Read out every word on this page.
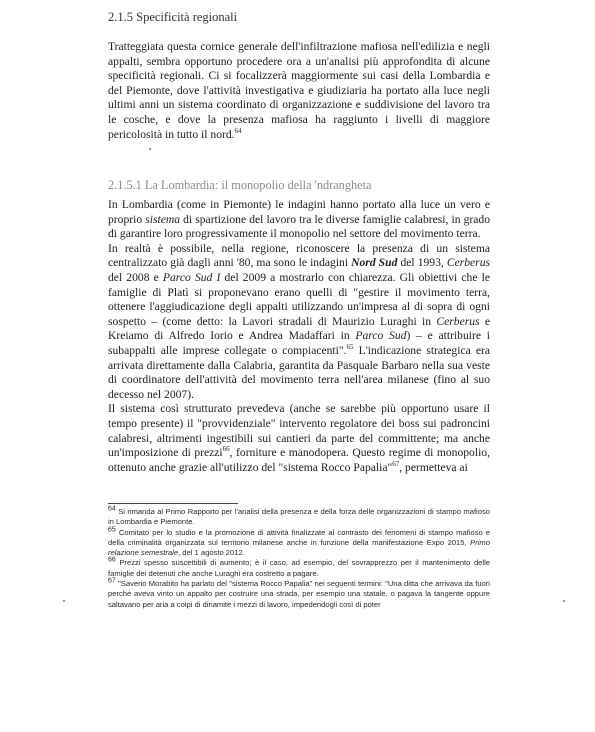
2.1.5 Specificità regionali

Tratteggiata questa cornice generale dell'infiltrazione mafiosa nell'edilizia e negli appalti, sembra opportuno procedere ora a un'analisi più approfondita di alcune specificità regionali. Ci si focalizzerà maggiormente sui casi della Lombardia e del Piemonte, dove l'attività investigativa e giudiziaria ha portato alla luce negli ultimi anni un sistema coordinato di organizzazione e suddivisione del lavoro tra le cosche, e dove la presenza mafiosa ha raggiunto i livelli di maggiore pericolosità in tutto il nord.$^{64}$

2.1.5.1 La Lombardia: il monopolio della 'ndrangheta

In Lombardia (come in Piemonte) le indagini hanno portato alla luce un vero e proprio sistema di spartizione del lavoro tra le diverse famiglie calabresi, in grado di garantire loro progressivamente il monopolio nel settore del movimento terra.

In realtà è possibile, nella regione, riconoscere la presenza di un sistema centralizzato già dagli anni '80, ma sono le indagini Nord Sud del 1993, Cerberus del 2008 e Parco Sud I del 2009 a mostrarlo con chiarezza. Gli obiettivi che le famiglie di Platì si proponevano erano quelli di "gestire il movimento terra, ottenere l'aggiudicazione degli appalti utilizzando un'impresa al di sopra di ogni sospetto – (come detto: la Lavori stradali di Maurizio Luraghi in Cerberus e Kreiamo di Alfredo Iorio e Andrea Madaffari in Parco Sud) – e attribuire i subappalti alle imprese collegate o compiacenti".$^{65}$ L'indicazione strategica era arrivata direttamente dalla Calabria, garantita da Pasquale Barbaro nella sua veste di coordinatore dell'attività del movimento terra nell'area milanese (fino al suo decesso nel 2007).

Il sistema così strutturato prevedeva (anche se sarebbe più opportuno usare il tempo presente) il "provvidenziale" intervento regolatore dei boss sui padroncini calabresi, altrimenti ingestibili sui cantieri da parte del committente; ma anche un'imposizione di prezzi$^{66}$, forniture e manodopera. Questo regime di monopolio, ottenuto anche grazie all'utilizzo del "sistema Rocco Papalia"$^{67}$, permetteva ai

$^{64}$ Si rimanda al Primo Rapporto per l'analisi della presenza e della forza delle organizzazioni di stampo mafioso in Lombardia e Piemonte.

$^{65}$ Comitato per lo studio e la promozione di attività finalizzate al contrasto dei fenomeni di stampo mafioso e della criminalità organizzata sul territorio milanese anche in funzione della manifestazione Expo 2015, Primo relazione semestrale, del 1 agosto 2012.

$^{66}$ Prezzi spesso suscettibili di aumento; è il caso, ad esempio, del sovrapprezzo per il mantenimento delle famiglie dei detenuti che anche Luraghi era costretto a pagare.

$^{67}$ "Saverio Morabito ha parlato del "sistema Rocco Papalia" nei seguenti termini: "Una ditta che arrivava da fuori perché aveva vinto un appalto per costruire una strada, per esempio una statale, o pagava la tangente oppure saltavano per aria a colpi di dinamite i mezzi di lavoro, impedendogli così di poter
